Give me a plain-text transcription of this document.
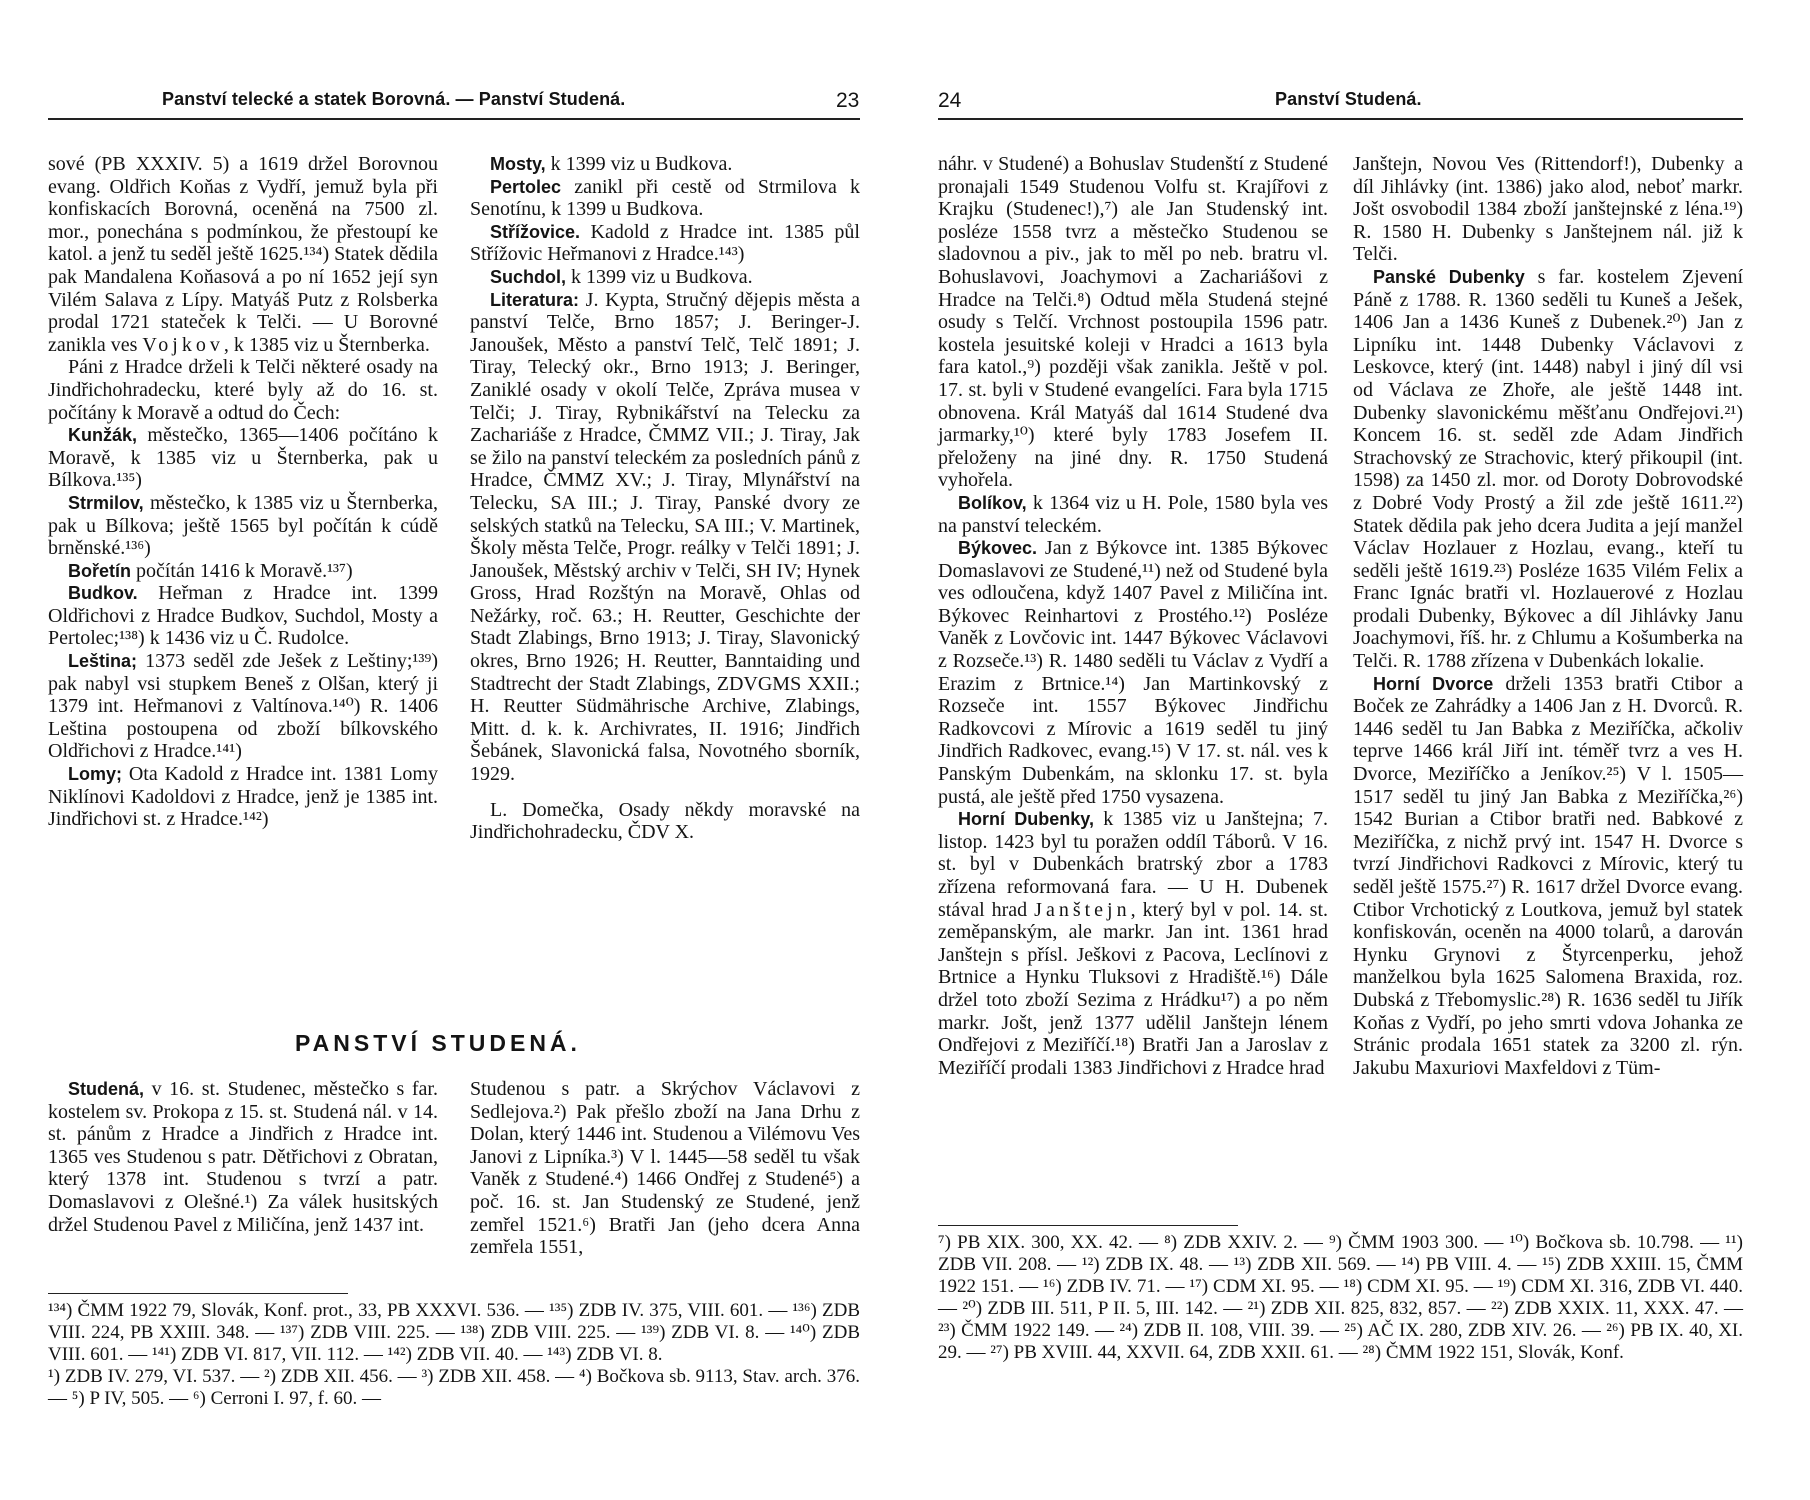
Panství telecké a statek Borovná. — Panství Studená.	23

sové (PB XXXIV. 5) a 1619 držel Borovnou evang. Oldřich Koňas z Vydří, jemuž byla při konfiskacích Borovná, oceněná na 7500 zl. mor., ponechána s podmínkou, že přestoupí ke katol. a jenž tu seděl ještě 1625.¹³⁴) Statek dědila pak Mandalena Koňasová a po ní 1652 její syn Vilém Salava z Lípy. Matyáš Putz z Rolsberka prodal 1721 stateček k Telči. — U Borovné zanikla ves Vojkov, k 1385 viz u Šternberka.

Páni z Hradce drželi k Telči některé osady na Jindřichohradecku, které byly až do 16. st. počítány k Moravě a odtud do Čech:

Kunžák, městečko, 1365—1406 počítáno k Moravě, k 1385 viz u Šternberka, pak u Bílkova.¹³⁵)

Strmilov, městečko, k 1385 viz u Šternberka, pak u Bílkova; ještě 1565 byl počítán k cúdě brněnské.¹³⁶)

Bořetín počítán 1416 k Moravě.¹³⁷)

Budkov. Heřman z Hradce int. 1399 Oldřichovi z Hradce Budkov, Suchdol, Mosty a Pertolec;¹³⁸) k 1436 viz u Č. Rudolce.

Leština; 1373 seděl zde Ješek z Leštiny;¹³⁹) pak nabyl vsi stupkem Beneš z Olšan, který ji 1379 int. Heřmanovi z Valtínova.¹⁴⁰) R. 1406 Leština postoupena od zboží bílkovského Oldřichovi z Hradce.¹⁴¹)

Lomy; Ota Kadold z Hradce int. 1381 Lomy Niklínovi Kadoldovi z Hradce, jenž je 1385 int. Jindřichovi st. z Hradce.¹⁴²)

Mosty, k 1399 viz u Budkova.

Pertolec zanikl při cestě od Strmilova k Senotínu, k 1399 u Budkova.

Střížovice. Kadold z Hradce int. 1385 půl Střížovic Heřmanovi z Hradce.¹⁴³)

Suchdol, k 1399 viz u Budkova.

Literatura: J. Kypta, Stručný dějepis města a panství Telče, Brno 1857; J. Beringer-J. Janoušek, Město a panství Telč, Telč 1891; J. Tiray, Telecký okr., Brno 1913; J. Beringer, Zaniklé osady v okolí Telče, Zpráva musea v Telči; J. Tiray, Rybnikářství na Telecku za Zachariáše z Hradce, ČMMZ VII.; J. Tiray, Jak se žilo na panství teleckém za posledních pánů z Hradce, ČMMZ XV.; J. Tiray, Mlynářství na Telecku, SA III.; J. Tiray, Panské dvory ze selských statků na Telecku, SA III.; V. Martinek, Školy města Telče, Progr. reálky v Telči 1891; J. Janoušek, Městský archiv v Telči, SH IV; Hynek Gross, Hrad Rozštýn na Moravě, Ohlas od Nežárky, roč. 63.; H. Reutter, Geschichte der Stadt Zlabings, Brno 1913; J. Tiray, Slavonický okres, Brno 1926; H. Reutter, Banntaiding und Stadtrecht der Stadt Zlabings, ZDVGMS XXII.; H. Reutter Südmährische Archive, Zlabings, Mitt. d. k. k. Archivrates, II. 1916; Jindřich Šebánek, Slavonická falsa, Novotného sborník, 1929.

L. Domečka, Osady někdy moravské na Jindřichohradecku, ČDV X.

PANSTVÍ STUDENÁ.

Studená, v 16. st. Studenec, městečko s far. kostelem sv. Prokopa z 15. st. Studená nál. v 14. st. pánům z Hradce a Jindřich z Hradce int. 1365 ves Studenou s patr. Dětřichovi z Obratan, který 1378 int. Studenou s tvrzí a patr. Domaslavovi z Olešné.¹) Za válek husitských držel Studenou Pavel z Miličína, jenž 1437 int.

Studenou s patr. a Skrýchov Václavovi z Sedlejova.²) Pak přešlo zboží na Jana Drhu z Dolan, který 1446 int. Studenou a Vilémovu Ves Janovi z Lipníka.³) V l. 1445—58 seděl tu však Vaněk z Studené.⁴) 1466 Ondřej z Studené⁵) a poč. 16. st. Jan Studenský ze Studené, jenž zemřel 1521.⁶) Bratři Jan (jeho dcera Anna zemřela 1551,

¹³⁴) ČMM 1922 79, Slovák, Konf. prot., 33, PB XXXVI. 536. — ¹³⁵) ZDB IV. 375, VIII. 601. — ¹³⁶) ZDB VIII. 224, PB XXIII. 348. — ¹³⁷) ZDB VIII. 225. — ¹³⁸) ZDB VIII. 225. — ¹³⁹) ZDB VI. 8. — ¹⁴⁰) ZDB VIII. 601. — ¹⁴¹) ZDB VI. 817, VII. 112. — ¹⁴²) ZDB VII. 40. — ¹⁴³) ZDB VI. 8.
¹) ZDB IV. 279, VI. 537. — ²) ZDB XII. 456. — ³) ZDB XII. 458. — ⁴) Bočkova sb. 9113, Stav. arch. 376. — ⁵) P IV, 505. — ⁶) Cerroni I. 97, f. 60. —
24	Panství Studená.

náhr. v Studené) a Bohuslav Studenští z Studené pronajali 1549 Studenou Volfu st. Krajířovi z Krajku (Studenec!),⁷) ale Jan Studenský int. posléze 1558 tvrz a městečko Studenou se sladovnou a piv., jak to měl po neb. bratru vl. Bohuslavovi, Joachymovi a Zachariášovi z Hradce na Telči.⁸) Odtud měla Studená stejné osudy s Telčí. Vrchnost postoupila 1596 patr. kostela jesuitské koleji v Hradci a 1613 byla fara katol.,⁹) později však zanikla. Ještě v pol. 17. st. byli v Studené evangelíci. Fara byla 1715 obnovena. Král Matyáš dal 1614 Studené dva jarmarky,¹⁰) které byly 1783 Josefem II. přeloženy na jiné dny. R. 1750 Studená vyhořela.

Bolíkov, k 1364 viz u H. Pole, 1580 byla ves na panství teleckém.

Býkovec. Jan z Býkovce int. 1385 Býkovec Domaslavovi ze Studené,¹¹) než od Studené byla ves odloučena, když 1407 Pavel z Miličína int. Býkovec Reinhartovi z Prostého.¹²) Posléze Vaněk z Lovčovic int. 1447 Býkovec Václavovi z Rozseče.¹³) R. 1480 seděli tu Václav z Vydří a Erazim z Brtnice.¹⁴) Jan Martinkovský z Rozseče int. 1557 Býkovec Jindřichu Radkovcovi z Mírovic a 1619 seděl tu jiný Jindřich Radkovec, evang.¹⁵) V 17. st. nál. ves k Panským Dubenkám, na sklonku 17. st. byla pustá, ale ještě před 1750 vysazena.

Horní Dubenky, k 1385 viz u Janštejna; 7. listop. 1423 byl tu poražen oddíl Táborů. V 16. st. byl v Dubenkách bratrský zbor a 1783 zřízena reformovaná fara. — U H. Dubenek stával hrad Janštejn, který byl v pol. 14. st. zeměpanským, ale markr. Jan int. 1361 hrad Janštejn s přísl. Ješkovi z Pacova, Leclínovi z Brtnice a Hynku Tluksovi z Hradiště.¹⁶) Dále držel toto zboží Sezima z Hrádku¹⁷) a po něm markr. Jošt, jenž 1377 udělil Janštejn lénem Ondřejovi z Meziříčí.¹⁸) Bratři Jan a Jaroslav z Meziříčí prodali 1383 Jindřichovi z Hradce hrad

Janštejn, Novou Ves (Rittendorf!), Dubenky a díl Jihlávky (int. 1386) jako alod, neboť markr. Jošt osvobodil 1384 zboží janštejnské z léna.¹⁹) R. 1580 H. Dubenky s Janštejnem nál. již k Telči.

Panské Dubenky s far. kostelem Zjevení Páně z 1788. R. 1360 seděli tu Kuneš a Ješek, 1406 Jan a 1436 Kuneš z Dubenek.²⁰) Jan z Lipníku int. 1448 Dubenky Václavovi z Leskovce, který (int. 1448) nabyl i jiný díl vsi od Václava ze Zhoře, ale ještě 1448 int. Dubenky slavonickému měšťanu Ondřejovi.²¹) Koncem 16. st. seděl zde Adam Jindřich Strachovský ze Strachovic, který přikoupil (int. 1598) za 1450 zl. mor. od Doroty Dobrovodské z Dobré Vody Prostý a žil zde ještě 1611.²²) Statek dědila pak jeho dcera Judita a její manžel Václav Hozlauer z Hozlau, evang., kteří tu seděli ještě 1619.²³) Posléze 1635 Vilém Felix a Franc Ignác bratři vl. Hozlauerové z Hozlau prodali Dubenky, Býkovec a díl Jihlávky Janu Joachymovi, říš. hr. z Chlumu a Košumberka na Telči. R. 1788 zřízena v Dubenkách lokalie.

Horní Dvorce drželi 1353 bratři Ctibor a Boček ze Zahrádky a 1406 Jan z H. Dvorců. R. 1446 seděl tu Jan Babka z Meziříčka, ačkoliv teprve 1466 král Jiří int. téměř tvrz a ves H. Dvorce, Meziříčko a Jeníkov.²⁵) V l. 1505—1517 seděl tu jiný Jan Babka z Meziříčka,²⁶) 1542 Burian a Ctibor bratři ned. Babkové z Meziříčka, z nichž prvý int. 1547 H. Dvorce s tvrzí Jindřichovi Radkovci z Mírovic, který tu seděl ještě 1575.²⁷) R. 1617 držel Dvorce evang. Ctibor Vrchotický z Loutkova, jemuž byl statek konfiskován, oceněn na 4000 tolarů, a darován Hynku Grynovi z Štyrcenperku, jehož manželkou byla 1625 Salomena Braxida, roz. Dubská z Třebomyslic.²⁸) R. 1636 seděl tu Jiřík Koňas z Vydří, po jeho smrti vdova Johanka ze Stránic prodala 1651 statek za 3200 zl. rýn. Jakubu Maxuriovi Maxfeldovi z Tüm-

⁷) PB XIX. 300, XX. 42. — ⁸) ZDB XXIV. 2. — ⁹) ČMM 1903 300. — ¹⁰) Bočkova sb. 10.798. — ¹¹) ZDB VII. 208. — ¹²) ZDB IX. 48. — ¹³) ZDB XII. 569. — ¹⁴) PB VIII. 4. — ¹⁵) ZDB XXIII. 15, ČMM 1922 151. — ¹⁶) ZDB IV. 71. — ¹⁷) CDM XI. 95. — ¹⁸) CDM XI. 95. — ¹⁹) CDM XI. 316, ZDB VI. 440. — ²⁰) ZDB III. 511, P II. 5, III. 142. — ²¹) ZDB XII. 825, 832, 857. — ²²) ZDB XXIX. 11, XXX. 47. — ²³) ČMM 1922 149. — ²⁴) ZDB II. 108, VIII. 39. — ²⁵) AČ IX. 280, ZDB XIV. 26. — ²⁶) PB IX. 40, XI. 29. — ²⁷) PB XVIII. 44, XXVII. 64, ZDB XXII. 61. — ²⁸) ČMM 1922 151, Slovák, Konf.
